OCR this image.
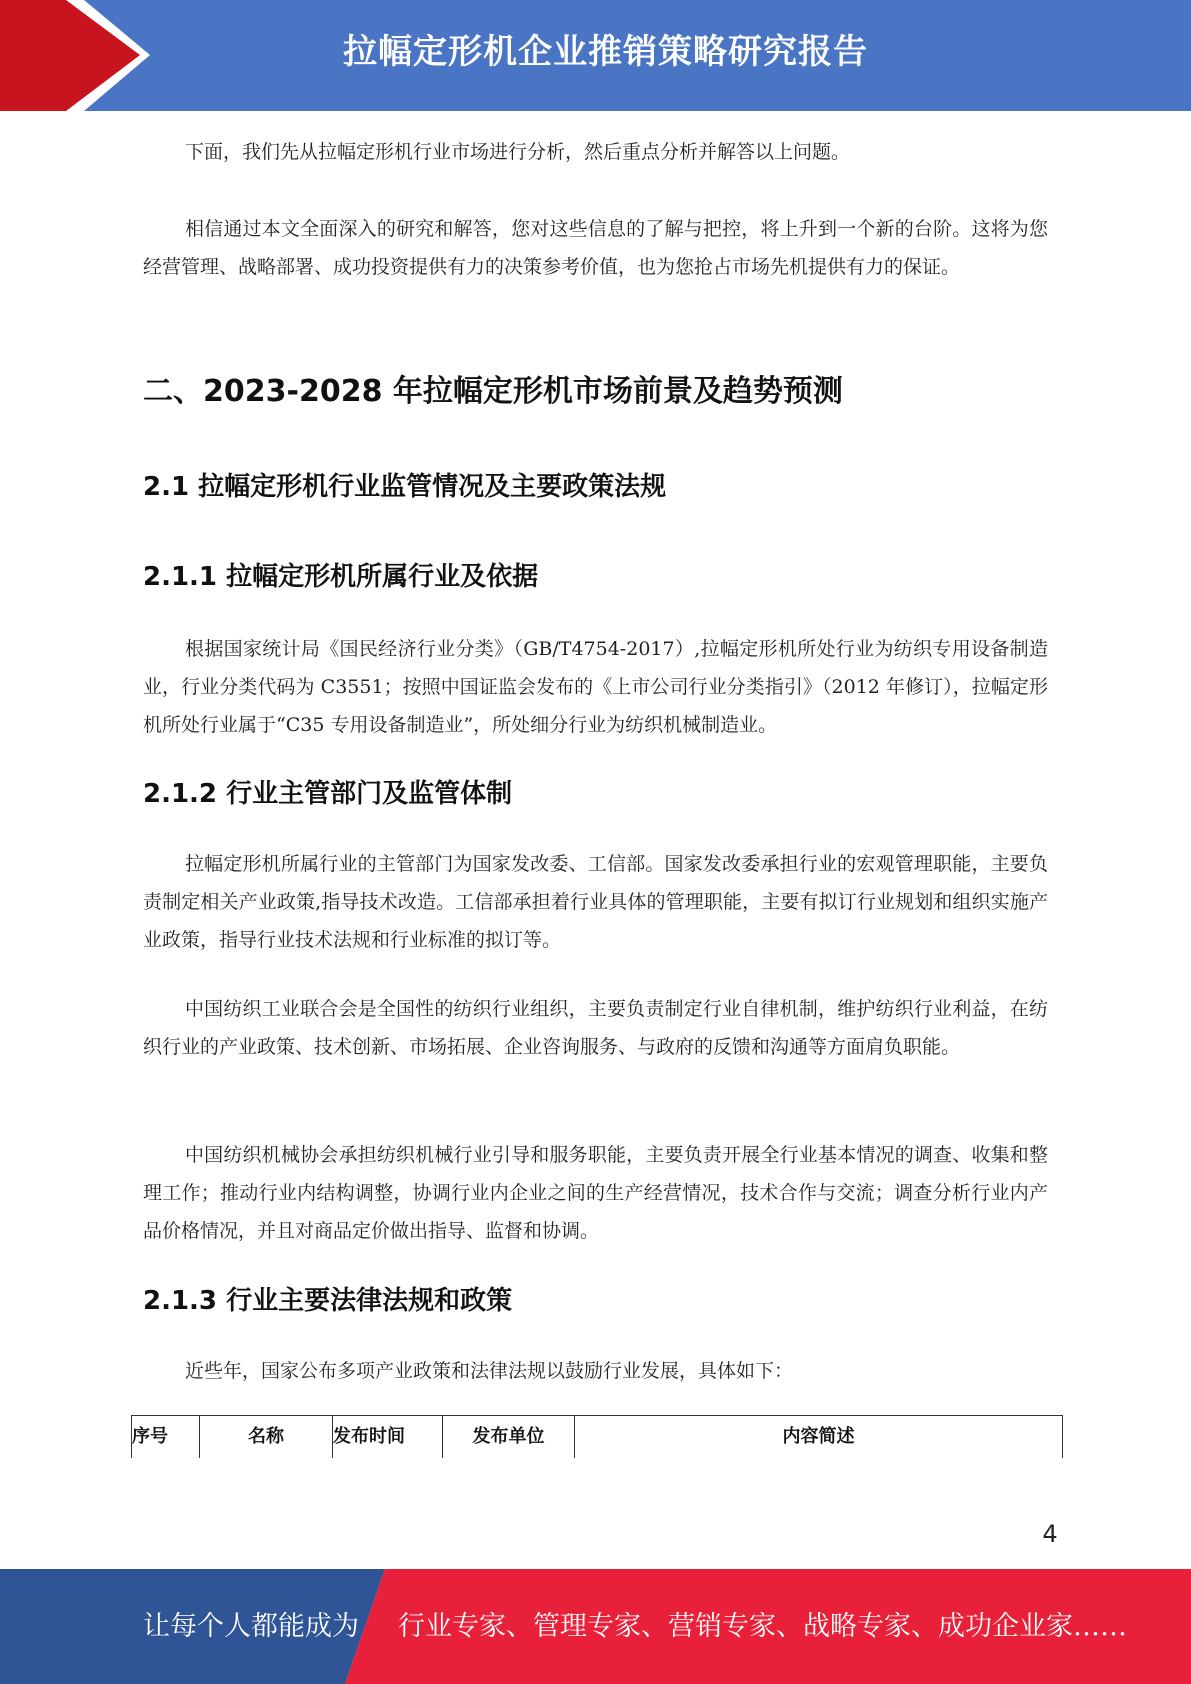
拉幅定形机企业推销策略研究报告

下面，我们先从拉幅定形机行业市场进行分析，然后重点分析并解答以上问题。

相信通过本文全面深入的研究和解答，您对这些信息的了解与把控，将上升到一个新的台阶。这将为您经营管理、战略部署、成功投资提供有力的决策参考价值，也为您抢占市场先机提供有力的保证。

二、2023-2028 年拉幅定形机市场前景及趋势预测
2.1 拉幅定形机行业监管情况及主要政策法规
2.1.1 拉幅定形机所属行业及依据

根据国家统计局《国民经济行业分类》（GB/T4754-2017）,拉幅定形机所处行业为纺织专用设备制造业，行业分类代码为 C3551；按照中国证监会发布的《上市公司行业分类指引》（2012 年修订），拉幅定形机所处行业属于“C35 专用设备制造业”，所处细分行业为纺织机械制造业。

2.1.2 行业主管部门及监管体制

拉幅定形机所属行业的主管部门为国家发改委、工信部。国家发改委承担行业的宏观管理职能，主要负责制定相关产业政策,指导技术改造。工信部承担着行业具体的管理职能，主要有拟订行业规划和组织实施产业政策，指导行业技术法规和行业标准的拟订等。

中国纺织工业联合会是全国性的纺织行业组织，主要负责制定行业自律机制，维护纺织行业利益，在纺织行业的产业政策、技术创新、市场拓展、企业咨询服务、与政府的反馈和沟通等方面肩负职能。

中国纺织机械协会承担纺织机械行业引导和服务职能，主要负责开展全行业基本情况的调查、收集和整理工作；推动行业内结构调整，协调行业内企业之间的生产经营情况，技术合作与交流；调查分析行业内产品价格情况，并且对商品定价做出指导、监督和协调。

2.1.3 行业主要法律法规和政策

近些年，国家公布多项产业政策和法律法规以鼓励行业发展，具体如下：

序号	名称	发布时间	发布单位	内容简述
4
让每个人都能成为 行业专家、管理专家、营销专家、战略专家、成功企业家……
